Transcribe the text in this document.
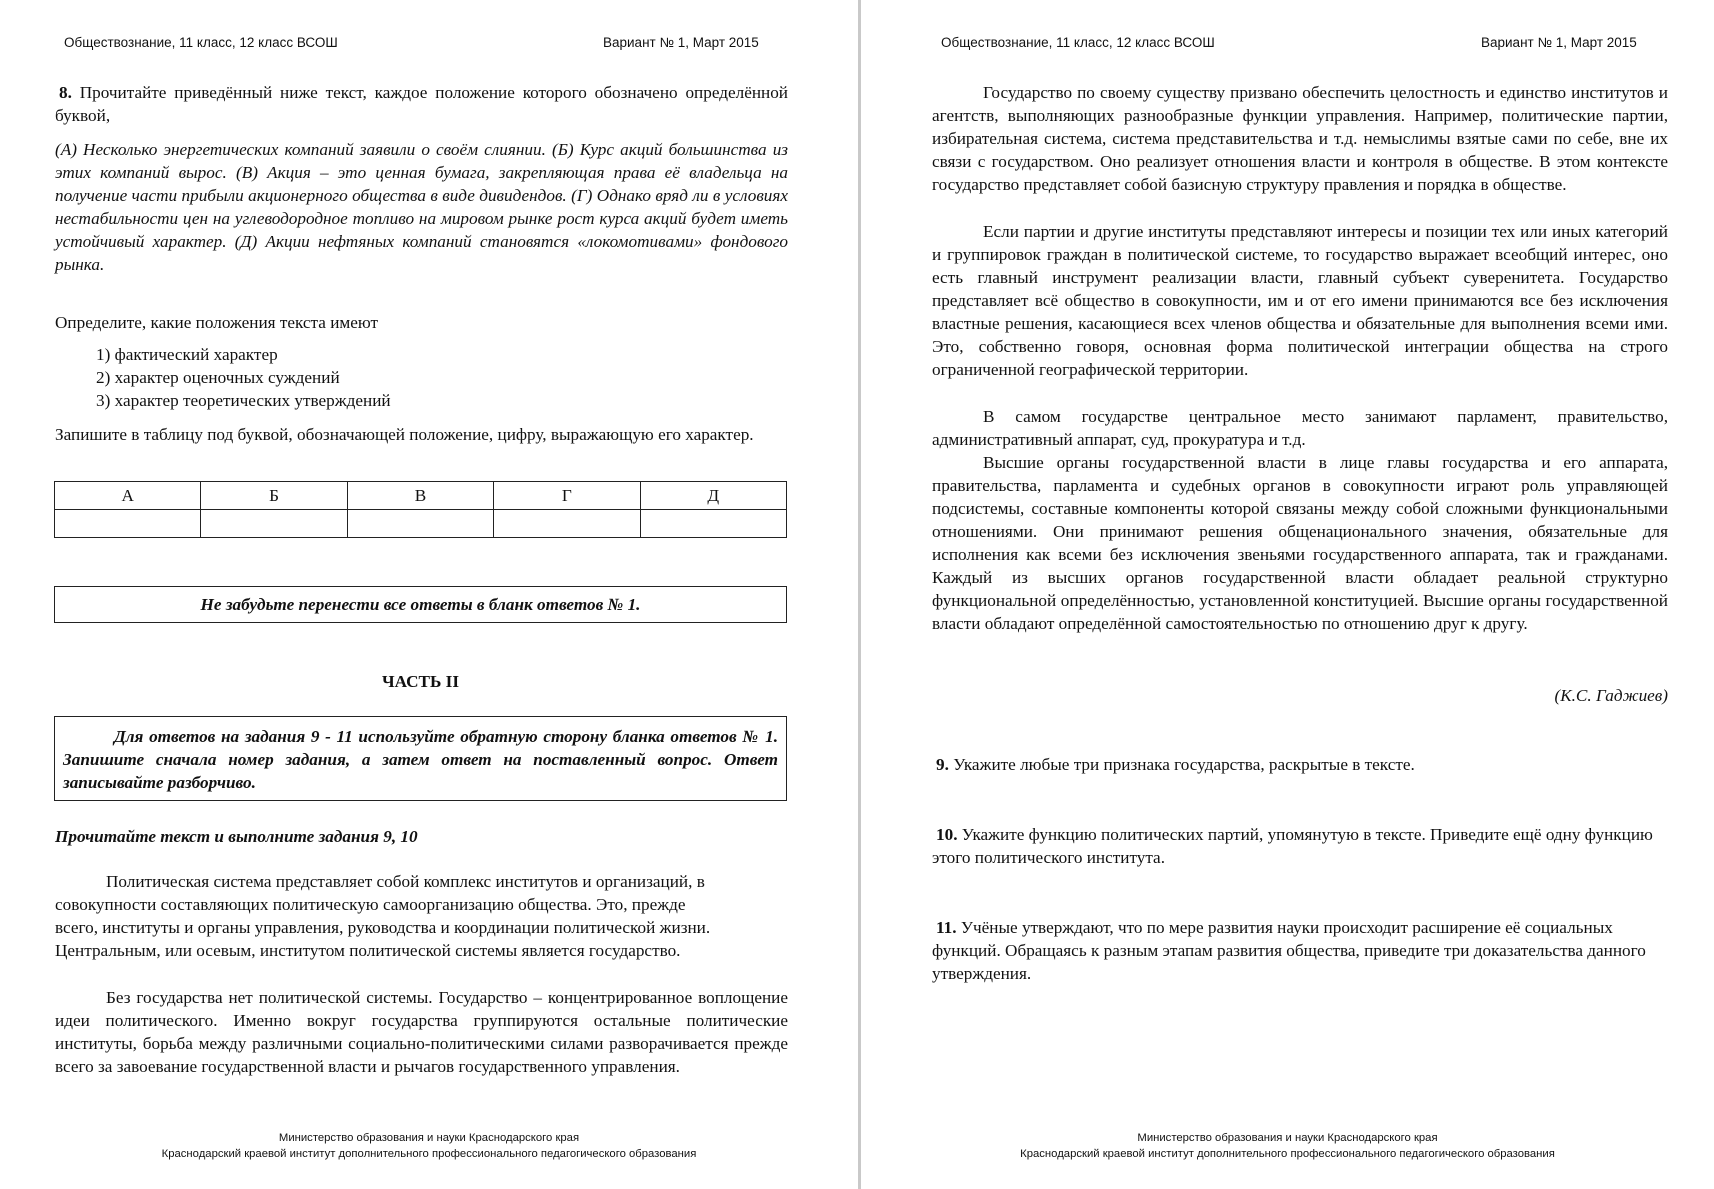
Обществознание, 11 класс, 12 класс ВСОШ	Вариант № 1, Март 2015
8. Прочитайте приведённый ниже текст, каждое положение которого обозначено определённой буквой,
(А) Несколько энергетических компаний заявили о своём слиянии. (Б) Курс акций большинства из этих компаний вырос. (В) Акция – это ценная бумага, закрепляющая права её владельца на получение части прибыли акционерного общества в виде дивидендов. (Г) Однако вряд ли в условиях нестабильности цен на углеводородное топливо на мировом рынке рост курса акций будет иметь устойчивый характер. (Д) Акции нефтяных компаний становятся «локомотивами» фондового рынка.
Определите, какие положения текста имеют
1) фактический характер
2) характер оценочных суждений
3) характер теоретических утверждений
Запишите в таблицу под буквой, обозначающей положение, цифру, выражающую его характер.
А	Б	В	Г	Д

Не забудьте перенести все ответы в бланк ответов № 1.
ЧАСТЬ II
Для ответов на задания 9 - 11 используйте обратную сторону бланка ответов № 1. Запишите сначала номер задания, а затем ответ на поставленный вопрос. Ответ записывайте разборчиво.
Прочитайте текст и выполните задания 9, 10
Политическая система представляет собой комплекс институтов и организаций, в совокупности составляющих политическую самоорганизацию общества. Это, прежде всего, институты и органы управления, руководства и координации политической жизни. Центральным, или осевым, институтом политической системы является государство.
Без государства нет политической системы. Государство – концентрированное воплощение идеи политического. Именно вокруг государства группируются остальные политические институты, борьба между различными социально-политическими силами разворачивается прежде всего за завоевание государственной власти и рычагов государственного управления.
Министерство образования и науки Краснодарского края
Краснодарский краевой институт дополнительного профессионального педагогического образования
Обществознание, 11 класс, 12 класс ВСОШ	Вариант № 1, Март 2015
Государство по своему существу призвано обеспечить целостность и единство институтов и агентств, выполняющих разнообразные функции управления. Например, политические партии, избирательная система, система представительства и т.д. немыслимы взятые сами по себе, вне их связи с государством. Оно реализует отношения власти и контроля в обществе. В этом контексте государство представляет собой базисную структуру правления и порядка в обществе.
Если партии и другие институты представляют интересы и позиции тех или иных категорий и группировок граждан в политической системе, то государство выражает всеобщий интерес, оно есть главный инструмент реализации власти, главный субъект суверенитета. Государство представляет всё общество в совокупности, им и от его имени принимаются все без исключения властные решения, касающиеся всех членов общества и обязательные для выполнения всеми ими. Это, собственно говоря, основная форма политической интеграции общества на строго ограниченной географической территории.
В самом государстве центральное место занимают парламент, правительство, административный аппарат, суд, прокуратура и т.д.
Высшие органы государственной власти в лице главы государства и его аппарата, правительства, парламента и судебных органов в совокупности играют роль управляющей подсистемы, составные компоненты которой связаны между собой сложными функциональными отношениями. Они принимают решения общенационального значения, обязательные для исполнения как всеми без исключения звеньями государственного аппарата, так и гражданами. Каждый из высших органов государственной власти обладает реальной структурно функциональной определённостью, установленной конституцией. Высшие органы государственной власти обладают определённой самостоятельностью по отношению друг к другу.
(К.С. Гаджиев)
9. Укажите любые три признака государства, раскрытые в тексте.
10. Укажите функцию политических партий, упомянутую в тексте. Приведите ещё одну функцию этого политического института.
11. Учёные утверждают, что по мере развития науки происходит расширение её социальных функций. Обращаясь к разным этапам развития общества, приведите три доказательства данного утверждения.
Министерство образования и науки Краснодарского края
Краснодарский краевой институт дополнительного профессионального педагогического образования
